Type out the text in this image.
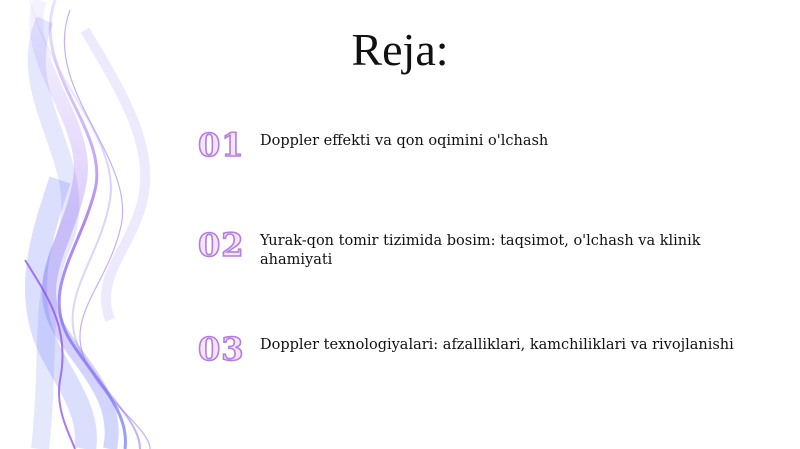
Reja:
01	Doppler effekti va qon oqimini o'lchash
02	Yurak-qon tomir tizimida bosim: taqsimot, o'lchash va klinik ahamiyati
03	Doppler texnologiyalari: afzalliklari, kamchiliklari va rivojlanishi
